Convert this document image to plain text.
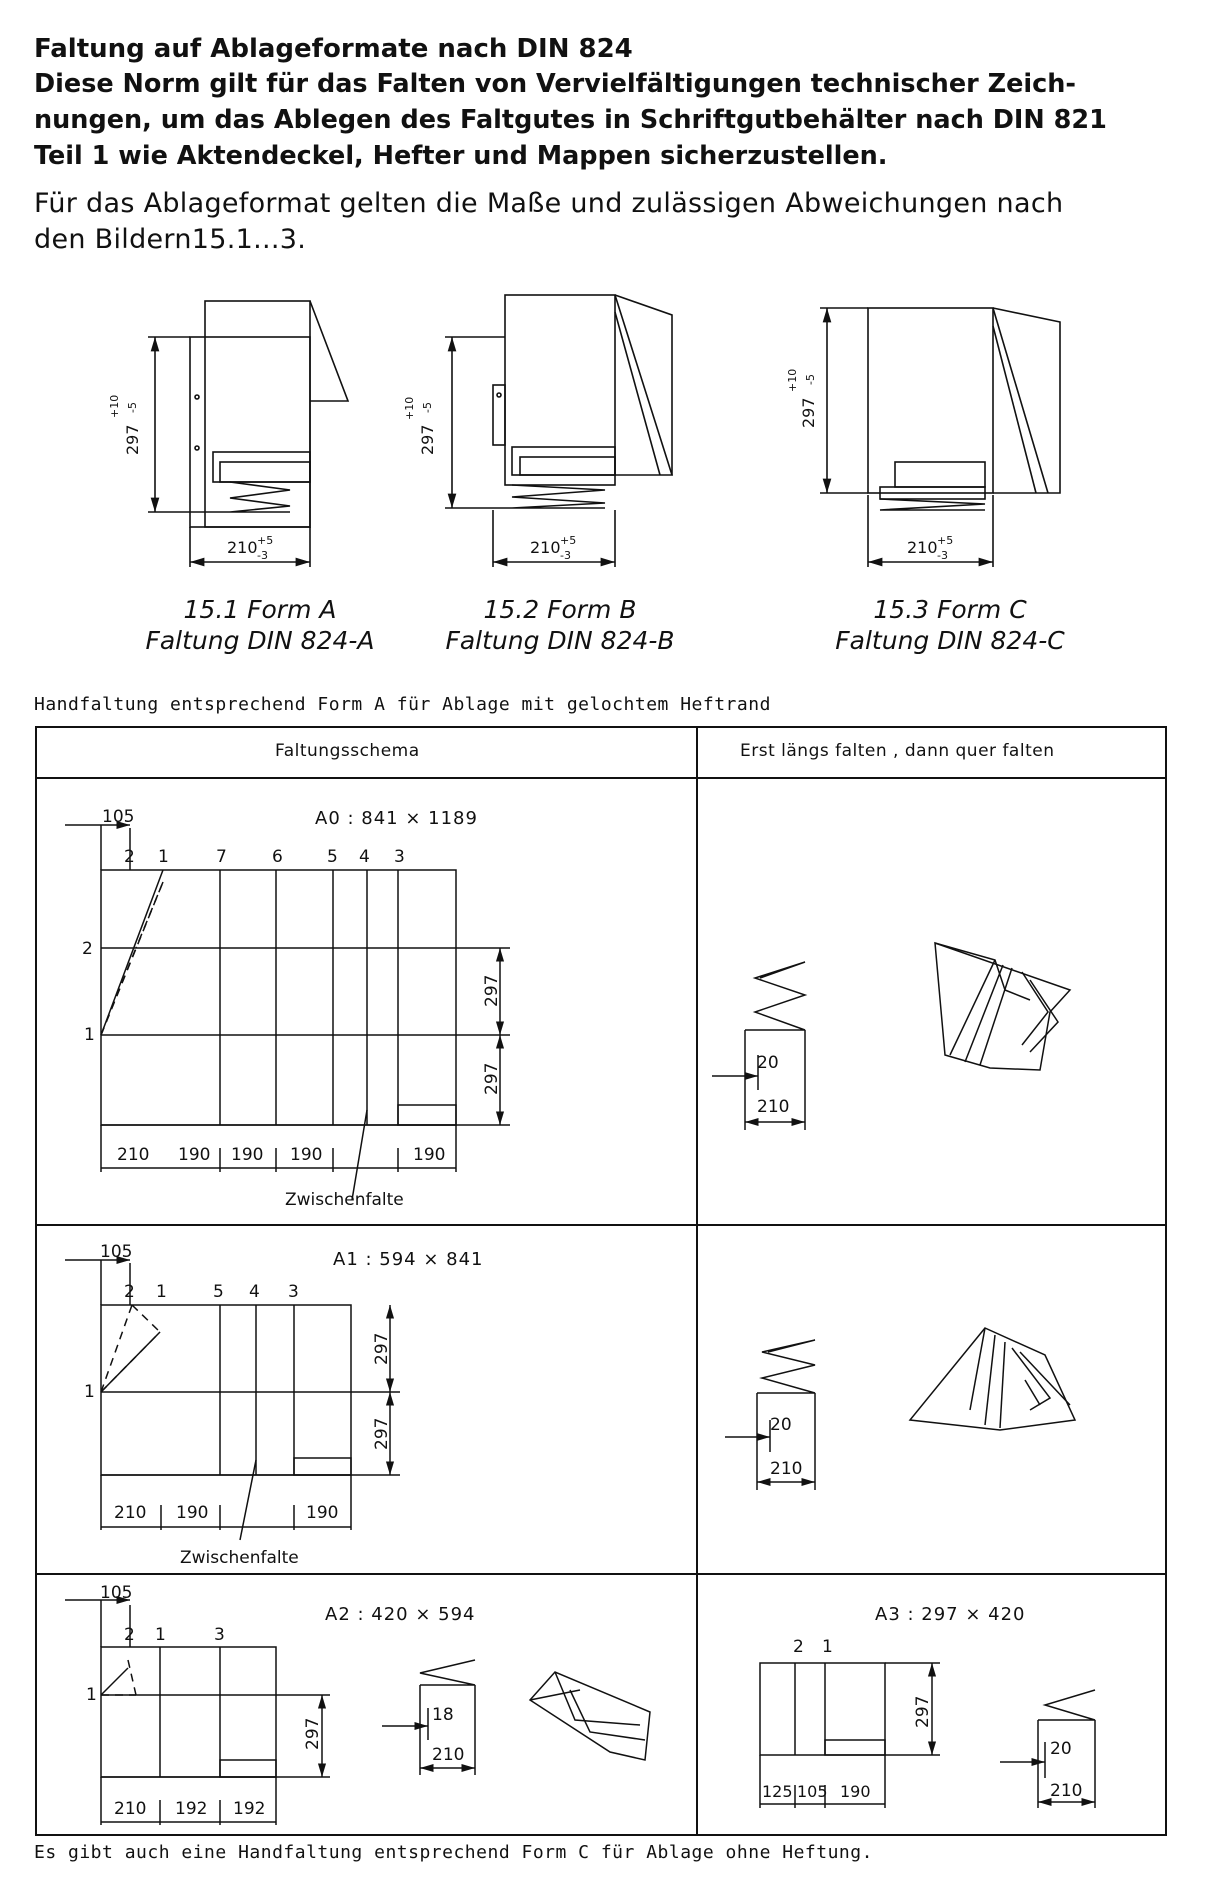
Faltung auf Ablageformate nach DIN 824
Diese Norm gilt für das Falten von Vervielfältigungen technischer Zeich-
nungen, um das Ablegen des Faltgutes in Schriftgutbehälter nach DIN 821
Teil 1 wie Aktendeckel, Hefter und Mappen sicherzustellen.
Für das Ablageformat gelten die Maße und zulässigen Abweichungen nach
den Bildern15.1...3.
15.1 Form A
Faltung DIN 824-A
15.2 Form B
Faltung DIN 824-B
15.3 Form C
Faltung DIN 824-C
Handfaltung entsprechend Form A für Ablage mit gelochtem Heftrand
Es gibt auch eine Handfaltung entsprechend Form C für Ablage ohne Heftung.
Faltungsschema	Erst längs falten , dann quer falten
297
+10 -5
210 +5
-3
297
+10 -5
210 +5
-3
297
+10 -5
210 +5
-3
105	A0 : 841 × 1189
2 1	7	6	5 4 3
2
1
297
297
210 190 190 190	190
Zwischenfalte
20
210
105	A1 : 594 × 841
2 1	5 4 3
1
297
297
210 190	190
Zwischenfalte
20
210
105
A2 : 420 × 594
2 1	3
1
297
210 192 192
18
210
A3 : 297 × 420
2 1
297
125 105 190
20
210
